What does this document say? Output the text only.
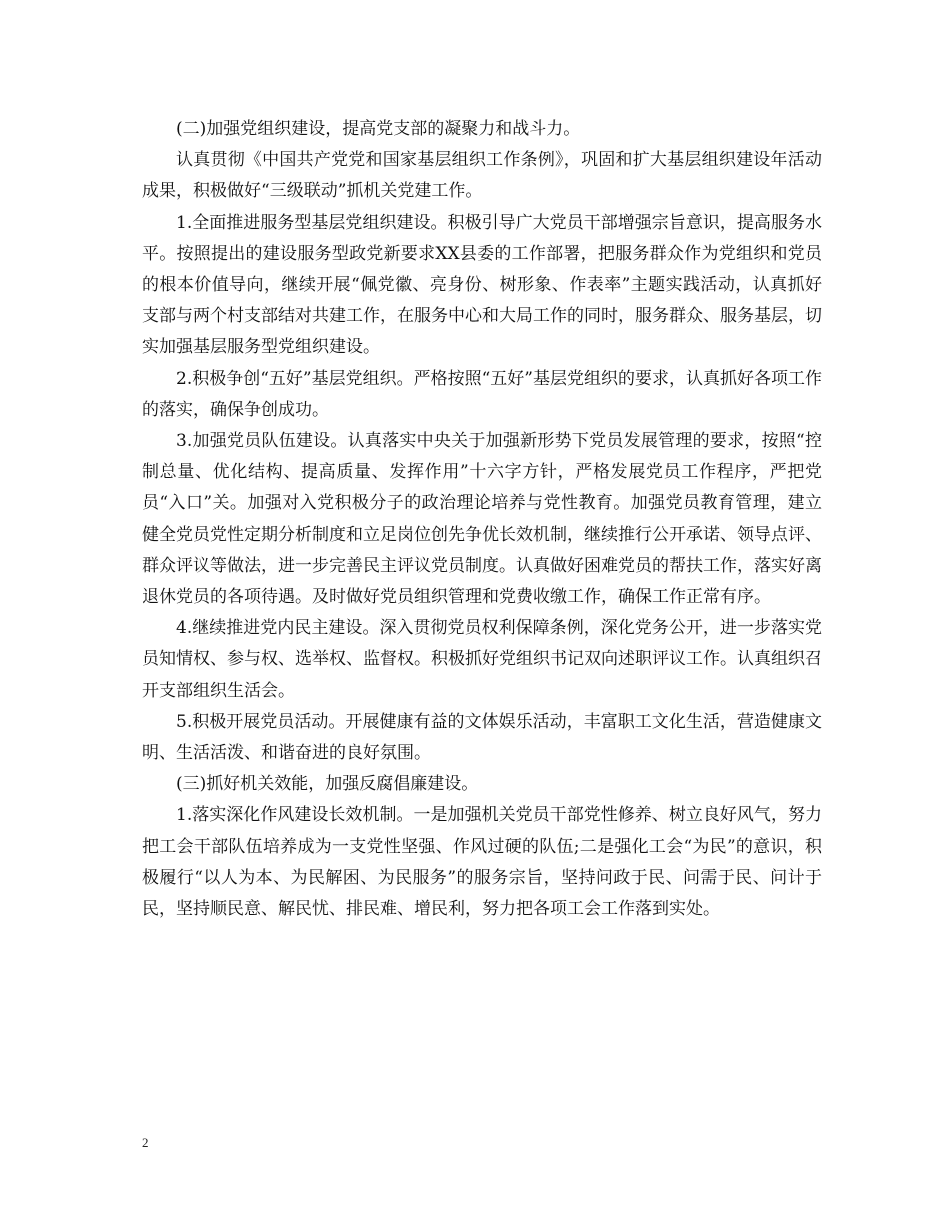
(二)加强党组织建设，提高党支部的凝聚力和战斗力。

认真贯彻《中国共产党党和国家基层组织工作条例》，巩固和扩大基层组织建设年活动成果，积极做好“三级联动”抓机关党建工作。

1.全面推进服务型基层党组织建设。积极引导广大党员干部增强宗旨意识，提高服务水平。按照提出的建设服务型政党新要求XX县委的工作部署，把服务群众作为党组织和党员的根本价值导向，继续开展“佩党徽、亮身份、树形象、作表率”主题实践活动，认真抓好支部与两个村支部结对共建工作，在服务中心和大局工作的同时，服务群众、服务基层，切实加强基层服务型党组织建设。

2.积极争创“五好”基层党组织。严格按照“五好”基层党组织的要求，认真抓好各项工作的落实，确保争创成功。

3.加强党员队伍建设。认真落实中央关于加强新形势下党员发展管理的要求，按照“控制总量、优化结构、提高质量、发挥作用”十六字方针，严格发展党员工作程序，严把党员“入口”关。加强对入党积极分子的政治理论培养与党性教育。加强党员教育管理，建立健全党员党性定期分析制度和立足岗位创先争优长效机制，继续推行公开承诺、领导点评、群众评议等做法，进一步完善民主评议党员制度。认真做好困难党员的帮扶工作，落实好离退休党员的各项待遇。及时做好党员组织管理和党费收缴工作，确保工作正常有序。

4.继续推进党内民主建设。深入贯彻党员权利保障条例，深化党务公开，进一步落实党员知情权、参与权、选举权、监督权。积极抓好党组织书记双向述职评议工作。认真组织召开支部组织生活会。

5.积极开展党员活动。开展健康有益的文体娱乐活动，丰富职工文化生活，营造健康文明、生活活泼、和谐奋进的良好氛围。

(三)抓好机关效能，加强反腐倡廉建设。

1.落实深化作风建设长效机制。一是加强机关党员干部党性修养、树立良好风气，努力把工会干部队伍培养成为一支党性坚强、作风过硬的队伍;二是强化工会“为民”的意识，积极履行“以人为本、为民解困、为民服务”的服务宗旨，坚持问政于民、问需于民、问计于民，坚持顺民意、解民忧、排民难、增民利，努力把各项工会工作落到实处。

2
